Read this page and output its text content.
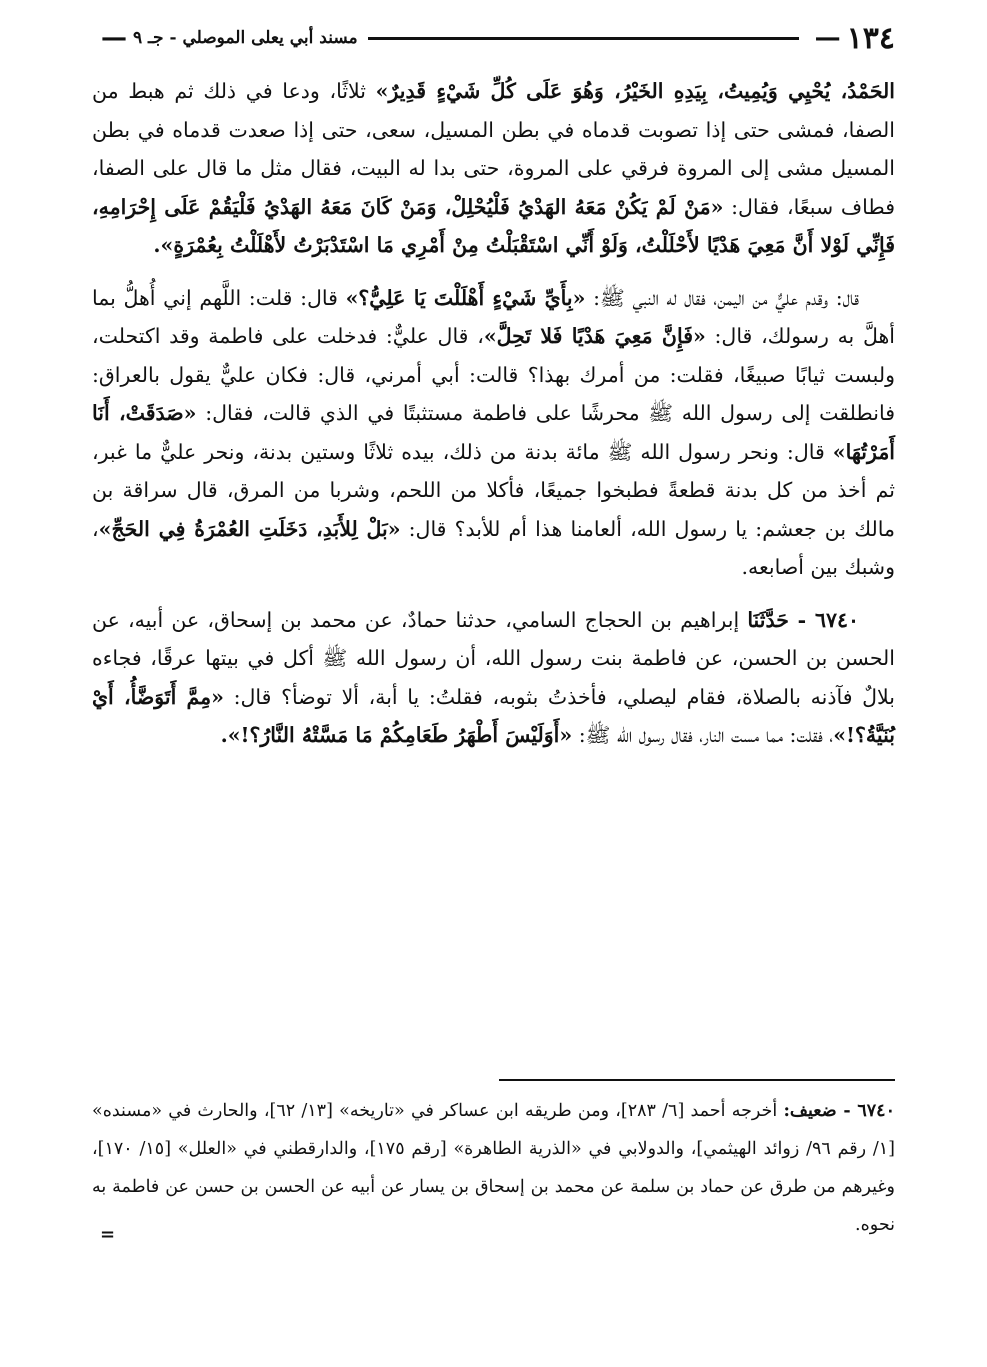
١٣٤
—
مسند أبي يعلى الموصلي - جـ ٩
—

الحَمْدُ، يُحْيِي وَيُمِيتُ، بِيَدِهِ الخَيْرُ، وَهُوَ عَلَى كُلِّ شَيْءٍ قَدِيرٌ» ثلاثًا، ودعا في ذلك ثم هبط من الصفا، فمشى حتى إذا تصوبت قدماه في بطن المسيل، سعى، حتى إذا صعدت قدماه في بطن المسيل مشى إلى المروة فرقي على المروة، حتى بدا له البيت، فقال مثل ما قال على الصفا، فطاف سبعًا، فقال: «مَنْ لَمْ يَكُنْ مَعَهُ الهَدْيُ فَلْيُحْلِلْ، وَمَنْ كَانَ مَعَهُ الهَدْيُ فَلْيَقُمْ عَلَى إِحْرَامِهِ، فَإِنِّي لَوْلا أَنَّ مَعِيَ هَدْيًا لأَحْلَلْتُ، وَلَوْ أَنِّي اسْتَقْبَلْتُ مِنْ أَمْرِي مَا اسْتَدْبَرْتُ لأَهْلَلْتُ بِعُمْرَةٍ».

قال: وقدم عليٌّ من اليمن، فقال له النبي ﷺ: «بِأَيِّ شَيْءٍ أَهْلَلْتَ يَا عَلِيُّ؟» قال: قلت: اللَّهم إني أُهلُّ بما أهلَّ به رسولك، قال: «فَإِنَّ مَعِيَ هَدْيًا فَلا تَحِلَّ»، قال عليٌّ: فدخلت على فاطمة وقد اكتحلت، ولبست ثيابًا صبيغًا، فقلت: من أمرك بهذا؟ قالت: أبي أمرني، قال: فكان عليٌّ يقول بالعراق: فانطلقت إلى رسول الله ﷺ محرشًا على فاطمة مستثبتًا في الذي قالت، فقال: «صَدَقَتْ، أَنَا أَمَرْتُهَا» قال: ونحر رسول الله ﷺ مائة بدنة من ذلك، بيده ثلاثًا وستين بدنة، ونحر عليٌّ ما غبر، ثم أخذ من كل بدنة قطعةً فطبخوا جميعًا، فأكلا من اللحم، وشربا من المرق، قال سراقة بن مالك بن جعشم: يا رسول الله، ألعامنا هذا أم للأبد؟ قال: «بَلْ لِلأَبَدِ، دَخَلَتِ العُمْرَةُ فِي الحَجِّ»، وشبك بين أصابعه.

٦٧٤٠ - حَدَّثَنَا إبراهيم بن الحجاج السامي، حدثنا حمادٌ، عن محمد بن إسحاق، عن أبيه، عن الحسن بن الحسن، عن فاطمة بنت رسول الله، أن رسول الله ﷺ أكل في بيتها عرقًا، فجاءه بلالٌ فآذنه بالصلاة، فقام ليصلي، فأخذتُ بثوبه، فقلتُ: يا أبة، ألا توضأ؟ قال: «مِمَّ أَتَوَضَّأُ، أَيْ بُنَيَّةُ؟!»، فقلت: مما مست النار، فقال رسول الله ﷺ: «أَوَلَيْسَ أَطْهَرُ طَعَامِكُمْ مَا مَسَّتْهُ النَّارُ؟!».

٦٧٤٠ - ضعيف: أخرجه أحمد [٦/ ٢٨٣]، ومن طريقه ابن عساكر في «تاريخه» [١٣/ ٦٢]، والحارث في «مسنده» [١/ رقم ٩٦/ زوائد الهيثمي]، والدولابي في «الذرية الطاهرة» [رقم ١٧٥]، والدارقطني في «العلل» [١٥/ ١٧٠]، وغيرهم من طرق عن حماد بن سلمة عن محمد بن إسحاق بن يسار عن أبيه عن الحسن بن حسن عن فاطمة به نحوه.

=
